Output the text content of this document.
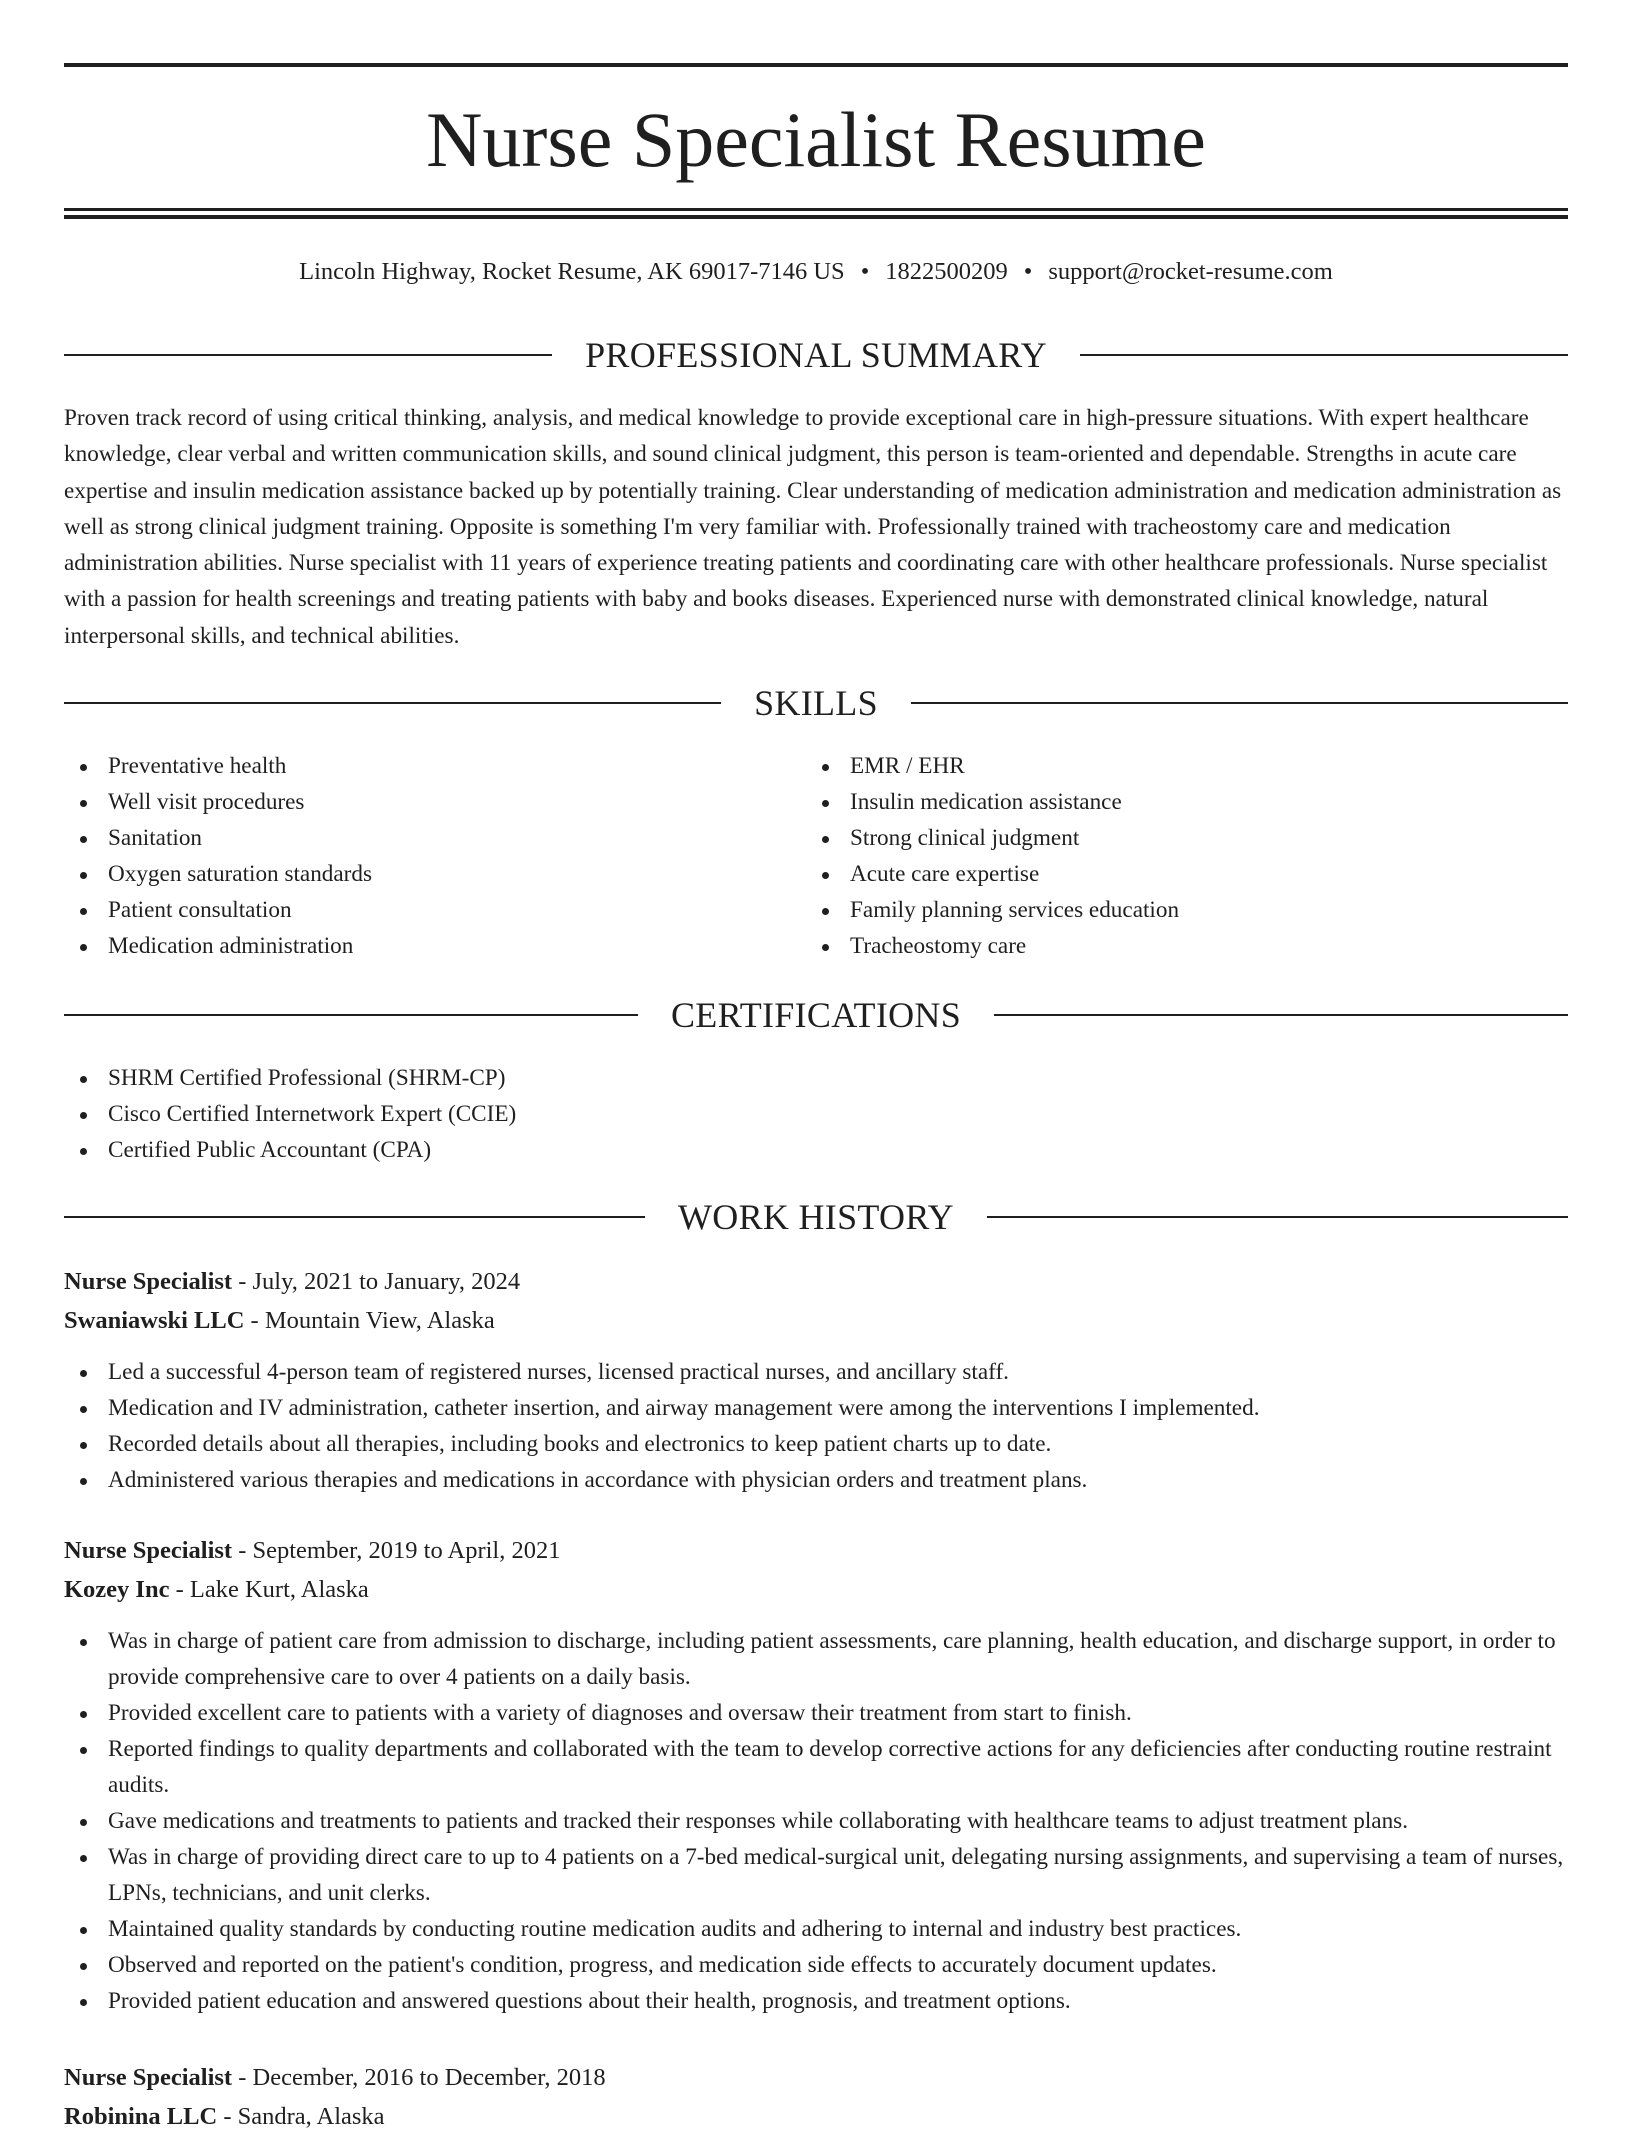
Nurse Specialist Resume
Lincoln Highway, Rocket Resume, AK 69017-7146 US • 1822500209 • support@rocket-resume.com
PROFESSIONAL SUMMARY

Proven track record of using critical thinking, analysis, and medical knowledge to provide exceptional care in high-pressure situations. With expert healthcare knowledge, clear verbal and written communication skills, and sound clinical judgment, this person is team-oriented and dependable. Strengths in acute care expertise and insulin medication assistance backed up by potentially training. Clear understanding of medication administration and medication administration as well as strong clinical judgment training. Opposite is something I'm very familiar with. Professionally trained with tracheostomy care and medication administration abilities. Nurse specialist with 11 years of experience treating patients and coordinating care with other healthcare professionals. Nurse specialist with a passion for health screenings and treating patients with baby and books diseases. Experienced nurse with demonstrated clinical knowledge, natural interpersonal skills, and technical abilities.

SKILLS
Preventative health
Well visit procedures
Sanitation
Oxygen saturation standards
Patient consultation
Medication administration
EMR / EHR
Insulin medication assistance
Strong clinical judgment
Acute care expertise
Family planning services education
Tracheostomy care
CERTIFICATIONS
SHRM Certified Professional (SHRM-CP)
Cisco Certified Internetwork Expert (CCIE)
Certified Public Accountant (CPA)
WORK HISTORY
Nurse Specialist - July, 2021 to January, 2024
Swaniawski LLC - Mountain View, Alaska
Led a successful 4-person team of registered nurses, licensed practical nurses, and ancillary staff.
Medication and IV administration, catheter insertion, and airway management were among the interventions I implemented.
Recorded details about all therapies, including books and electronics to keep patient charts up to date.
Administered various therapies and medications in accordance with physician orders and treatment plans.
Nurse Specialist - September, 2019 to April, 2021
Kozey Inc - Lake Kurt, Alaska
Was in charge of patient care from admission to discharge, including patient assessments, care planning, health education, and discharge support, in order to provide comprehensive care to over 4 patients on a daily basis.
Provided excellent care to patients with a variety of diagnoses and oversaw their treatment from start to finish.
Reported findings to quality departments and collaborated with the team to develop corrective actions for any deficiencies after conducting routine restraint audits.
Gave medications and treatments to patients and tracked their responses while collaborating with healthcare teams to adjust treatment plans.
Was in charge of providing direct care to up to 4 patients on a 7-bed medical-surgical unit, delegating nursing assignments, and supervising a team of nurses, LPNs, technicians, and unit clerks.
Maintained quality standards by conducting routine medication audits and adhering to internal and industry best practices.
Observed and reported on the patient's condition, progress, and medication side effects to accurately document updates.
Provided patient education and answered questions about their health, prognosis, and treatment options.
Nurse Specialist - December, 2016 to December, 2018
Robinina LLC - Sandra, Alaska
